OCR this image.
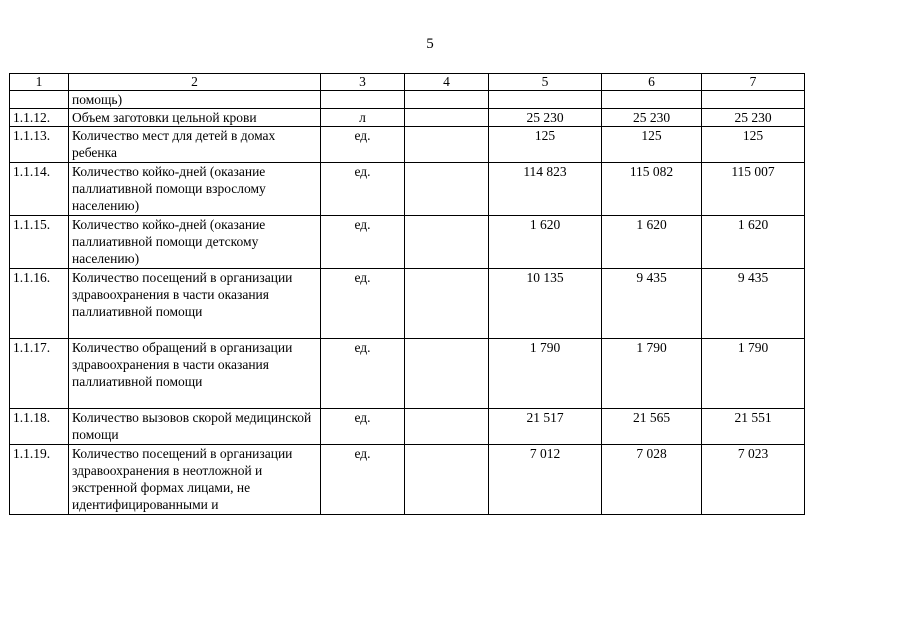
5
1	2	3	4	5	6	7
	помощь)					
1.1.12.	Объем заготовки цельной крови	л		25 230	25 230	25 230
1.1.13.	Количество мест для детей в домах ребенка	ед.		125	125	125
1.1.14.	Количество койко-дней (оказание паллиативной помощи взрослому населению)	ед.		114 823	115 082	115 007
1.1.15.	Количество койко-дней (оказание паллиативной помощи детскому населению)	ед.		1 620	1 620	1 620
1.1.16.	Количество посещений в организации здравоохранения в части оказания паллиативной помощи	ед.		10 135	9 435	9 435
1.1.17.	Количество обращений в организации здравоохранения в части оказания паллиативной помощи	ед.		1 790	1 790	1 790
1.1.18.	Количество вызовов скорой медицинской помощи	ед.		21 517	21 565	21 551
1.1.19.	Количество посещений в организации здравоохранения в неотложной и экстренной формах лицами, не идентифицированными и	ед.		7 012	7 028	7 023
